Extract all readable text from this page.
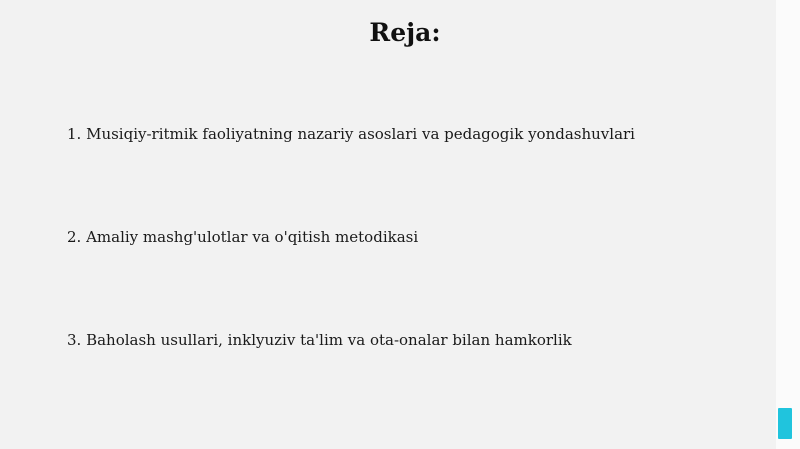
Reja:

1. Musiqiy-ritmik faoliyatning nazariy asoslari va pedagogik yondashuvlari

2. Amaliy mashg'ulotlar va o'qitish metodikasi

3. Baholash usullari, inklyuziv ta'lim va ota-onalar bilan hamkorlik
